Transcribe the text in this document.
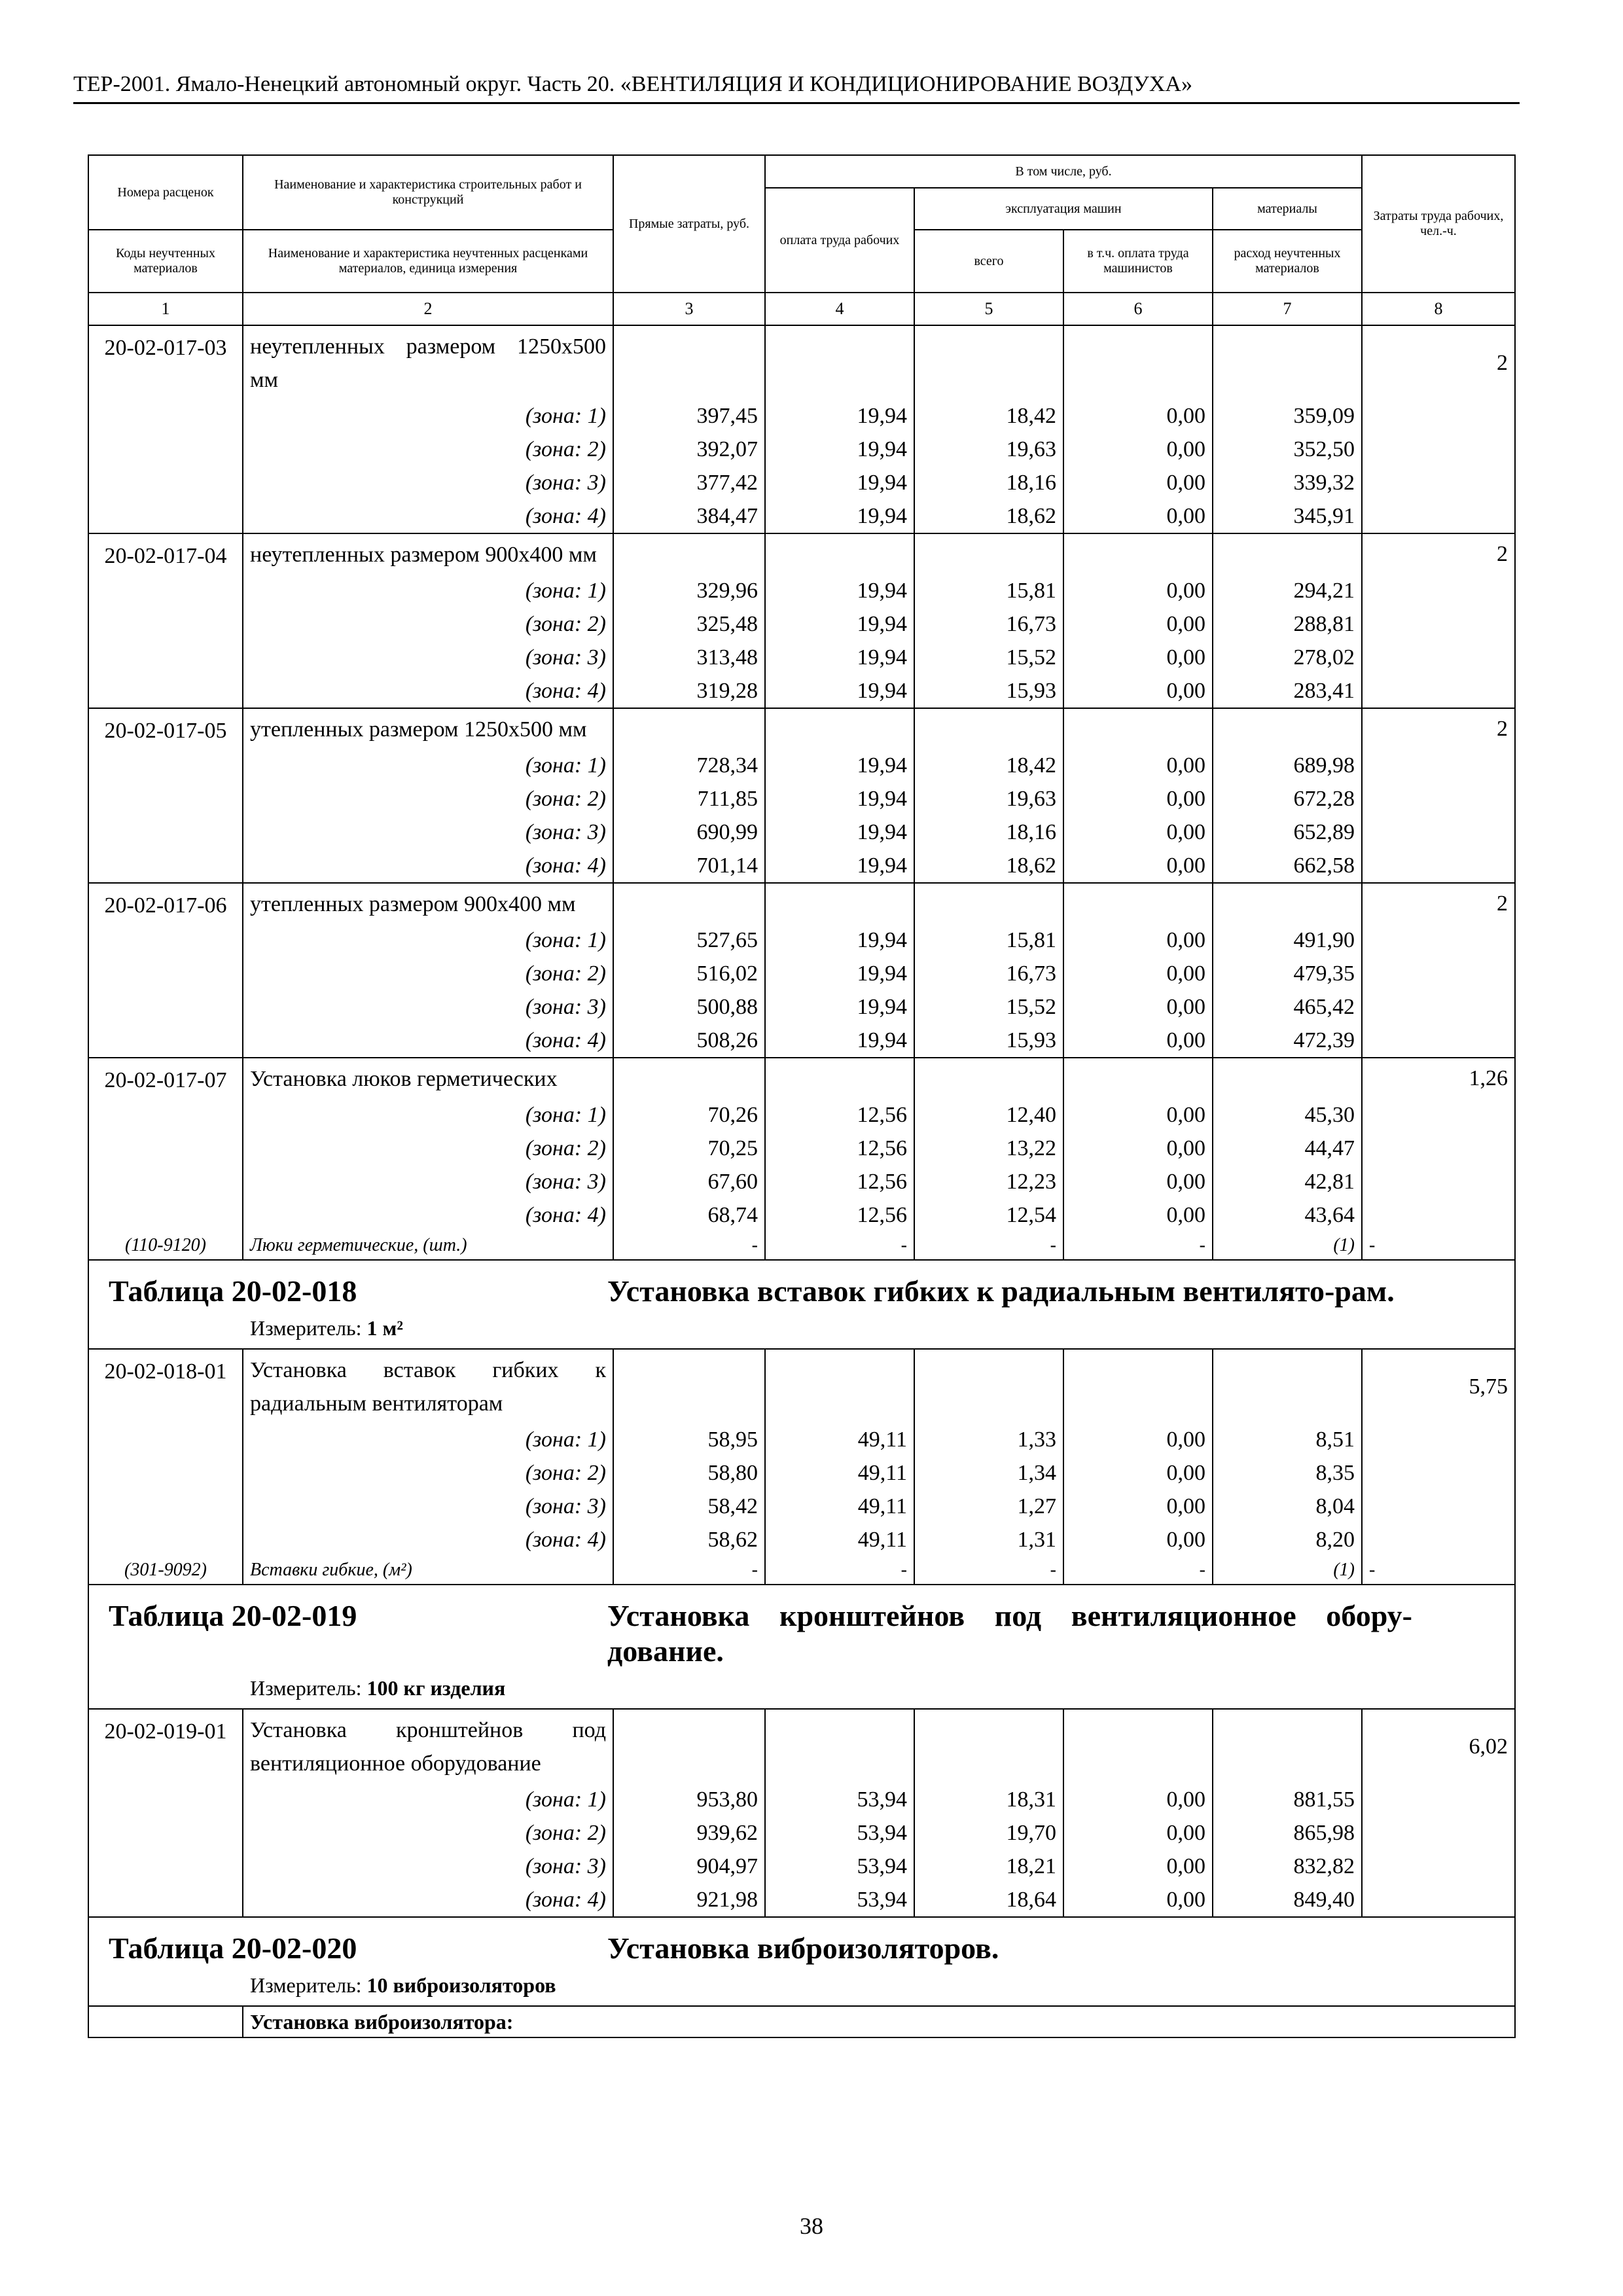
ТЕР-2001. Ямало-Ненецкий автономный округ. Часть 20. «ВЕНТИЛЯЦИЯ И КОНДИЦИОНИРОВАНИЕ ВОЗДУХА»
Номера расценок	Наименование и характеристика строительных работ и конструкций	Прямые затраты, руб.	В том числе, руб.				Затраты труда рабочих, чел.-ч.
			оплата труда рабочих	эксплуатация машин		материалы	
Коды неучтенных материалов	Наименование и характеристика неучтенных расценками материалов, единица измерения			всего	в т.ч. оплата труда машинистов	расход неучтенных материалов	
1	2	3	4	5	6	7	8
20-02-017-03	неутепленных размером 1250х500 мм						2
	(зона: 1)	397,45	19,94	18,42	0,00	359,09	
	(зона: 2)	392,07	19,94	19,63	0,00	352,50	
	(зона: 3)	377,42	19,94	18,16	0,00	339,32	
	(зона: 4)	384,47	19,94	18,62	0,00	345,91	
20-02-017-04	неутепленных размером 900х400 мм						2
	(зона: 1)	329,96	19,94	15,81	0,00	294,21	
	(зона: 2)	325,48	19,94	16,73	0,00	288,81	
	(зона: 3)	313,48	19,94	15,52	0,00	278,02	
	(зона: 4)	319,28	19,94	15,93	0,00	283,41	
20-02-017-05	утепленных размером 1250х500 мм						2
	(зона: 1)	728,34	19,94	18,42	0,00	689,98	
	(зона: 2)	711,85	19,94	19,63	0,00	672,28	
	(зона: 3)	690,99	19,94	18,16	0,00	652,89	
	(зона: 4)	701,14	19,94	18,62	0,00	662,58	
20-02-017-06	утепленных размером 900х400 мм						2
	(зона: 1)	527,65	19,94	15,81	0,00	491,90	
	(зона: 2)	516,02	19,94	16,73	0,00	479,35	
	(зона: 3)	500,88	19,94	15,52	0,00	465,42	
	(зона: 4)	508,26	19,94	15,93	0,00	472,39	
20-02-017-07	Установка люков герметических						1,26
	(зона: 1)	70,26	12,56	12,40	0,00	45,30	
	(зона: 2)	70,25	12,56	13,22	0,00	44,47	
	(зона: 3)	67,60	12,56	12,23	0,00	42,81	
	(зона: 4)	68,74	12,56	12,54	0,00	43,64	
(110-9120)	Люки герметические, (шт.)	-	-	-	-	(1)	-

Таблица 20-02-018 Установка вставок гибких к радиальным вентилято-рам.
Измеритель: 1 м²							

20-02-018-01	Установка вставок гибких к радиальным вентиляторам						5,75
	(зона: 1)	58,95	49,11	1,33	0,00	8,51	
	(зона: 2)	58,80	49,11	1,34	0,00	8,35	
	(зона: 3)	58,42	49,11	1,27	0,00	8,04	
	(зона: 4)	58,62	49,11	1,31	0,00	8,20	
(301-9092)	Вставки гибкие, (м²)	-	-	-	-	(1)	-

Таблица 20-02-019 Установка кронштейнов под вентиляционное обору-дование.
Измеритель: 100 кг изделия							

20-02-019-01	Установка кронштейнов под вентиляционное оборудование						6,02
	(зона: 1)	953,80	53,94	18,31	0,00	881,55	
	(зона: 2)	939,62	53,94	19,70	0,00	865,98	
	(зона: 3)	904,97	53,94	18,21	0,00	832,82	
	(зона: 4)	921,98	53,94	18,64	0,00	849,40	

Таблица 20-02-020 Установка виброизоляторов.
Измеритель: 10 виброизоляторов							

	Установка виброизолятора:						
38
